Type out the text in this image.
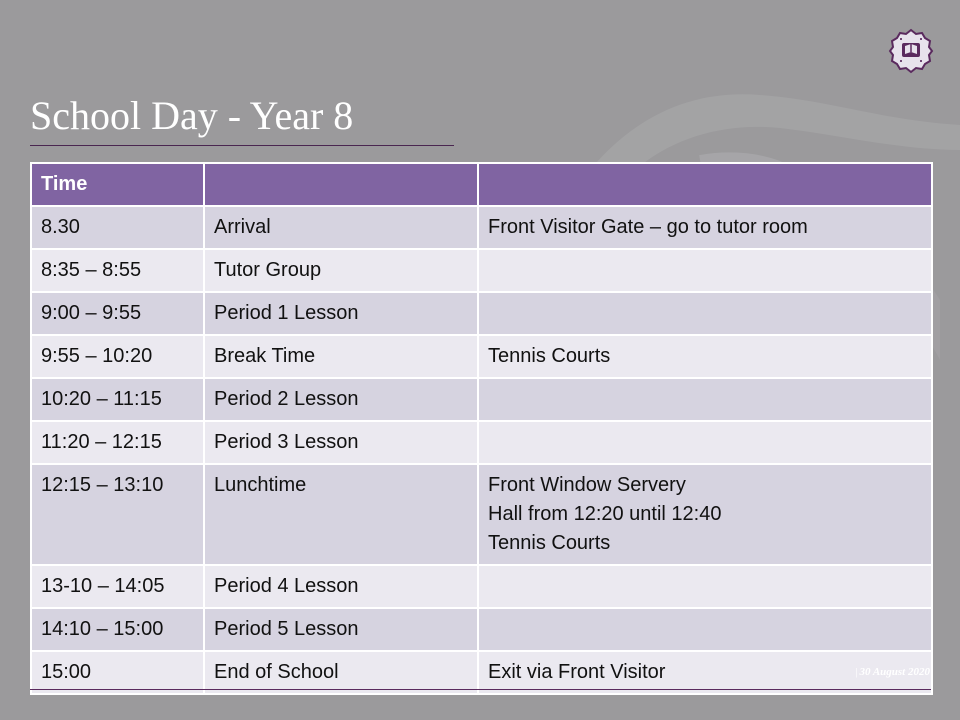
School Day - Year 8
Time		
8.30	Arrival	Front Visitor Gate – go to tutor room

8:35 – 8:55	Tutor Group	
9:00 – 9:55	Period 1 Lesson	
9:55 – 10:20	Break Time	Tennis Courts

10:20 – 11:15	Period 2 Lesson	
11:20 – 12:15	Period 3 Lesson	
12:15 – 13:10	Lunchtime	Front Window Servery
Hall from 12:20 until 12:40
Tennis Courts

13-10 – 14:05	Period 4 Lesson	
14:10 – 15:00	Period 5 Lesson	
15:00	End of School	Exit via Front Visitor	| 30 August 2020
